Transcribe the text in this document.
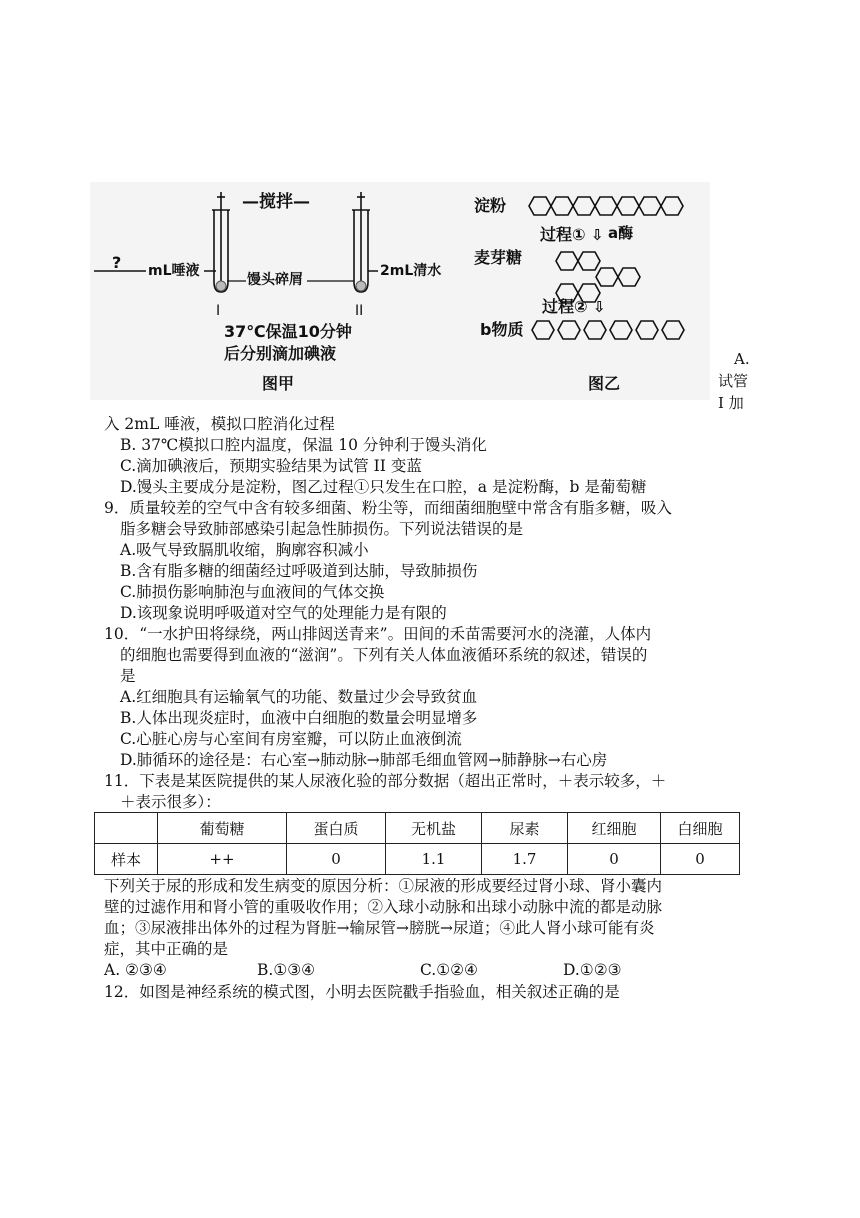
—搅拌—
? mL唾液
馒头碎屑
2mL清水
I	II
37℃保温10分钟
后分别滴加碘液
图甲
淀粉
过程① ⇩ a酶
麦芽糖
过程② ⇩
b物质
图乙
A.
试管
I 加
入 2mL 唾液，模拟口腔消化过程
B. 37℃模拟口腔内温度，保温 10 分钟利于馒头消化
C.滴加碘液后，预期实验结果为试管 II 变蓝
D.馒头主要成分是淀粉，图乙过程①只发生在口腔，a 是淀粉酶，b 是葡萄糖
9．质量较差的空气中含有较多细菌、粉尘等，而细菌细胞壁中常含有脂多糖，吸入
脂多糖会导致肺部感染引起急性肺损伤。下列说法错误的是
A.吸气导致膈肌收缩，胸廓容积减小
B.含有脂多糖的细菌经过呼吸道到达肺，导致肺损伤
C.肺损伤影响肺泡与血液间的气体交换
D.该现象说明呼吸道对空气的处理能力是有限的
10．“一水护田将绿绕，两山排闼送青来”。田间的禾苗需要河水的浇灌，人体内
的细胞也需要得到血液的“滋润”。下列有关人体血液循环系统的叙述，错误的
是
A.红细胞具有运输氧气的功能、数量过少会导致贫血
B.人体出现炎症时，血液中白细胞的数量会明显增多
C.心脏心房与心室间有房室瓣，可以防止血液倒流
D.肺循环的途径是：右心室→肺动脉→肺部毛细血管网→肺静脉→右心房
11．下表是某医院提供的某人尿液化验的部分数据（超出正常时，＋表示较多，＋
＋表示很多）：
	葡萄糖	蛋白质	无机盐	尿素	红细胞	白细胞
样本	++	0	1.1	1.7	0	0
下列关于尿的形成和发生病变的原因分析：①尿液的形成要经过肾小球、肾小囊内
壁的过滤作用和肾小管的重吸收作用；②入球小动脉和出球小动脉中流的都是动脉
血；③尿液排出体外的过程为肾脏→输尿管→膀胱→尿道；④此人肾小球可能有炎
症，其中正确的是
A. ②③④	B.①③④	C.①②④	D.①②③
12．如图是神经系统的模式图，小明去医院戳手指验血，相关叙述正确的是
